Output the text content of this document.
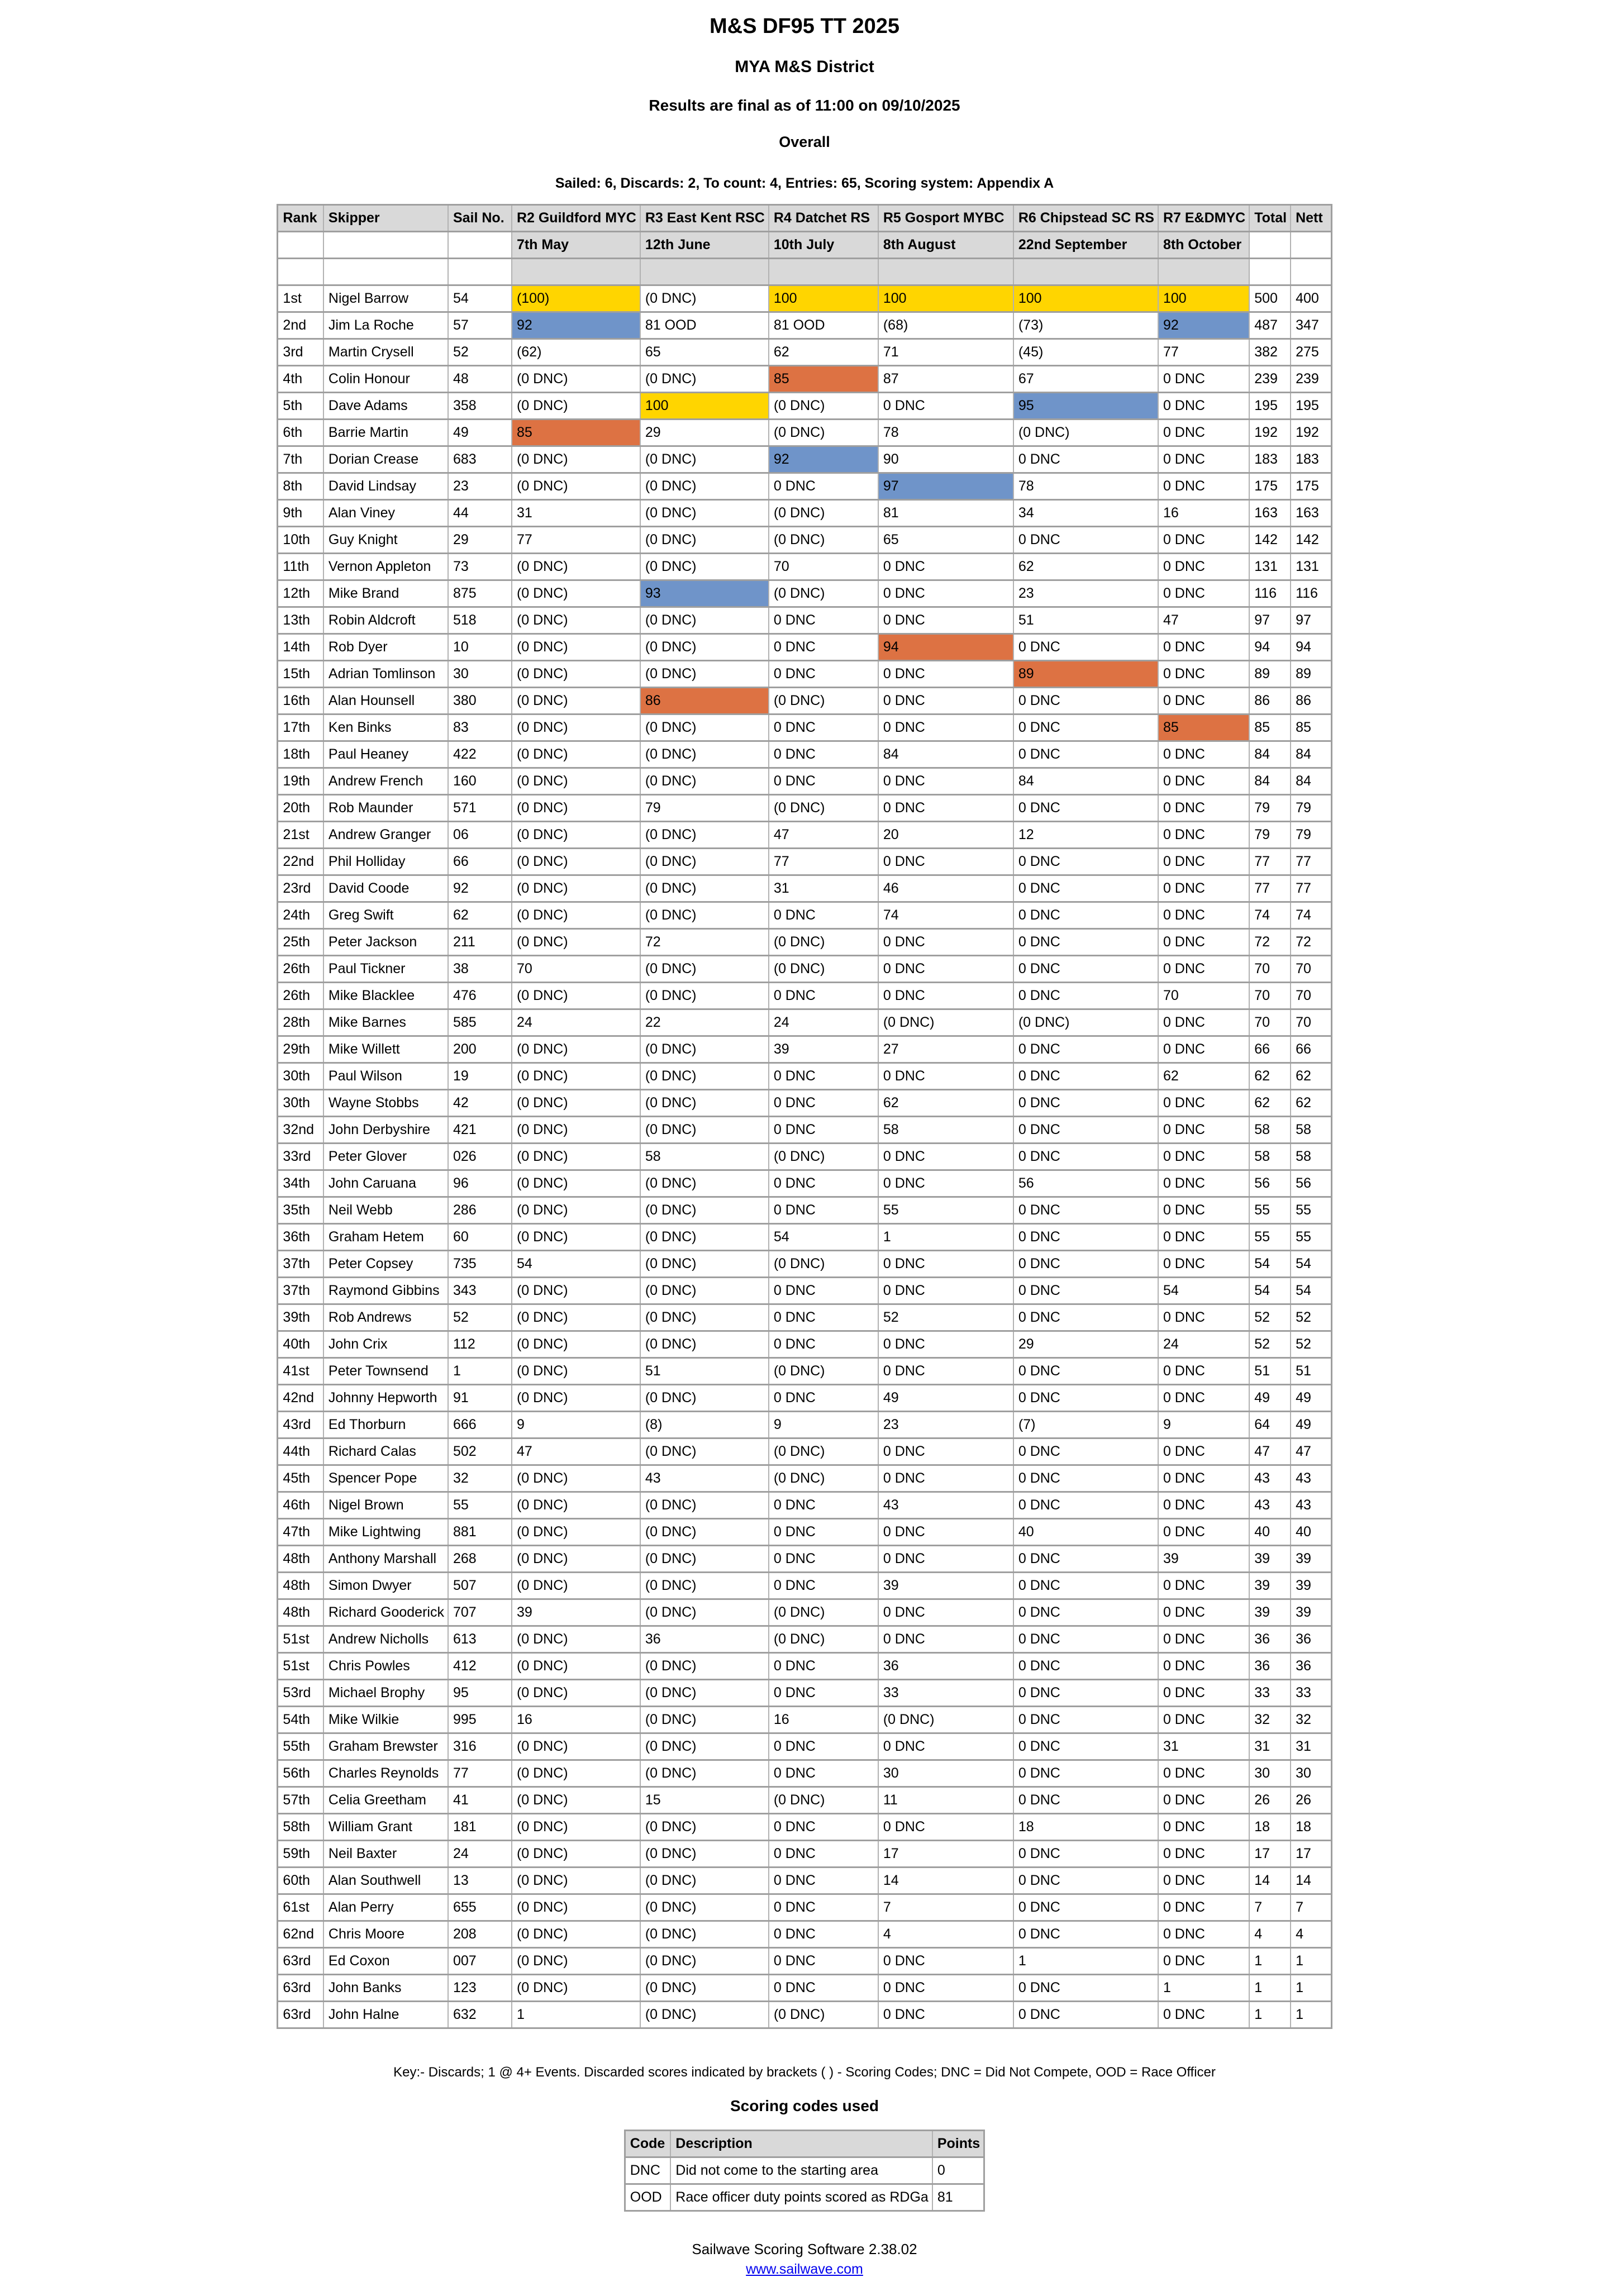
M&S DF95 TT 2025
MYA M&S District
Results are final as of 11:00 on 09/10/2025
Overall
Sailed: 6, Discards: 2, To count: 4, Entries: 65, Scoring system: Appendix A
Rank	Skipper	Sail No.	R2 Guildford MYC	R3 East Kent RSC	R4 Datchet RS	R5 Gosport MYBC	R6 Chipstead SC RS	R7 E&DMYC	Total	Nett
			7th May	12th June	10th July	8th August	22nd September	8th October		

1st	Nigel Barrow	54	(100)	(0 DNC)	100	100	100	100	500	400
2nd	Jim La Roche	57	92	81 OOD	81 OOD	(68)	(73)	92	487	347
3rd	Martin Crysell	52	(62)	65	62	71	(45)	77	382	275
4th	Colin Honour	48	(0 DNC)	(0 DNC)	85	87	67	0 DNC	239	239
5th	Dave Adams	358	(0 DNC)	100	(0 DNC)	0 DNC	95	0 DNC	195	195
6th	Barrie Martin	49	85	29	(0 DNC)	78	(0 DNC)	0 DNC	192	192
7th	Dorian Crease	683	(0 DNC)	(0 DNC)	92	90	0 DNC	0 DNC	183	183
8th	David Lindsay	23	(0 DNC)	(0 DNC)	0 DNC	97	78	0 DNC	175	175
9th	Alan Viney	44	31	(0 DNC)	(0 DNC)	81	34	16	163	163
10th	Guy Knight	29	77	(0 DNC)	(0 DNC)	65	0 DNC	0 DNC	142	142
11th	Vernon Appleton	73	(0 DNC)	(0 DNC)	70	0 DNC	62	0 DNC	131	131
12th	Mike Brand	875	(0 DNC)	93	(0 DNC)	0 DNC	23	0 DNC	116	116
13th	Robin Aldcroft	518	(0 DNC)	(0 DNC)	0 DNC	0 DNC	51	47	97	97
14th	Rob Dyer	10	(0 DNC)	(0 DNC)	0 DNC	94	0 DNC	0 DNC	94	94
15th	Adrian Tomlinson	30	(0 DNC)	(0 DNC)	0 DNC	0 DNC	89	0 DNC	89	89
16th	Alan Hounsell	380	(0 DNC)	86	(0 DNC)	0 DNC	0 DNC	0 DNC	86	86
17th	Ken Binks	83	(0 DNC)	(0 DNC)	0 DNC	0 DNC	0 DNC	85	85	85
18th	Paul Heaney	422	(0 DNC)	(0 DNC)	0 DNC	84	0 DNC	0 DNC	84	84
19th	Andrew French	160	(0 DNC)	(0 DNC)	0 DNC	0 DNC	84	0 DNC	84	84
20th	Rob Maunder	571	(0 DNC)	79	(0 DNC)	0 DNC	0 DNC	0 DNC	79	79
21st	Andrew Granger	06	(0 DNC)	(0 DNC)	47	20	12	0 DNC	79	79
22nd	Phil Holliday	66	(0 DNC)	(0 DNC)	77	0 DNC	0 DNC	0 DNC	77	77
23rd	David Coode	92	(0 DNC)	(0 DNC)	31	46	0 DNC	0 DNC	77	77
24th	Greg Swift	62	(0 DNC)	(0 DNC)	0 DNC	74	0 DNC	0 DNC	74	74
25th	Peter Jackson	211	(0 DNC)	72	(0 DNC)	0 DNC	0 DNC	0 DNC	72	72
26th	Paul Tickner	38	70	(0 DNC)	(0 DNC)	0 DNC	0 DNC	0 DNC	70	70
26th	Mike Blacklee	476	(0 DNC)	(0 DNC)	0 DNC	0 DNC	0 DNC	70	70	70
28th	Mike Barnes	585	24	22	24	(0 DNC)	(0 DNC)	0 DNC	70	70
29th	Mike Willett	200	(0 DNC)	(0 DNC)	39	27	0 DNC	0 DNC	66	66
30th	Paul Wilson	19	(0 DNC)	(0 DNC)	0 DNC	0 DNC	0 DNC	62	62	62
30th	Wayne Stobbs	42	(0 DNC)	(0 DNC)	0 DNC	62	0 DNC	0 DNC	62	62
32nd	John Derbyshire	421	(0 DNC)	(0 DNC)	0 DNC	58	0 DNC	0 DNC	58	58
33rd	Peter Glover	026	(0 DNC)	58	(0 DNC)	0 DNC	0 DNC	0 DNC	58	58
34th	John Caruana	96	(0 DNC)	(0 DNC)	0 DNC	0 DNC	56	0 DNC	56	56
35th	Neil Webb	286	(0 DNC)	(0 DNC)	0 DNC	55	0 DNC	0 DNC	55	55
36th	Graham Hetem	60	(0 DNC)	(0 DNC)	54	1	0 DNC	0 DNC	55	55
37th	Peter Copsey	735	54	(0 DNC)	(0 DNC)	0 DNC	0 DNC	0 DNC	54	54
37th	Raymond Gibbins	343	(0 DNC)	(0 DNC)	0 DNC	0 DNC	0 DNC	54	54	54
39th	Rob Andrews	52	(0 DNC)	(0 DNC)	0 DNC	52	0 DNC	0 DNC	52	52
40th	John Crix	112	(0 DNC)	(0 DNC)	0 DNC	0 DNC	29	24	52	52
41st	Peter Townsend	1	(0 DNC)	51	(0 DNC)	0 DNC	0 DNC	0 DNC	51	51
42nd	Johnny Hepworth	91	(0 DNC)	(0 DNC)	0 DNC	49	0 DNC	0 DNC	49	49
43rd	Ed Thorburn	666	9	(8)	9	23	(7)	9	64	49
44th	Richard Calas	502	47	(0 DNC)	(0 DNC)	0 DNC	0 DNC	0 DNC	47	47
45th	Spencer Pope	32	(0 DNC)	43	(0 DNC)	0 DNC	0 DNC	0 DNC	43	43
46th	Nigel Brown	55	(0 DNC)	(0 DNC)	0 DNC	43	0 DNC	0 DNC	43	43
47th	Mike Lightwing	881	(0 DNC)	(0 DNC)	0 DNC	0 DNC	40	0 DNC	40	40
48th	Anthony Marshall	268	(0 DNC)	(0 DNC)	0 DNC	0 DNC	0 DNC	39	39	39
48th	Simon Dwyer	507	(0 DNC)	(0 DNC)	0 DNC	39	0 DNC	0 DNC	39	39
48th	Richard Gooderick	707	39	(0 DNC)	(0 DNC)	0 DNC	0 DNC	0 DNC	39	39
51st	Andrew Nicholls	613	(0 DNC)	36	(0 DNC)	0 DNC	0 DNC	0 DNC	36	36
51st	Chris Powles	412	(0 DNC)	(0 DNC)	0 DNC	36	0 DNC	0 DNC	36	36
53rd	Michael Brophy	95	(0 DNC)	(0 DNC)	0 DNC	33	0 DNC	0 DNC	33	33
54th	Mike Wilkie	995	16	(0 DNC)	16	(0 DNC)	0 DNC	0 DNC	32	32
55th	Graham Brewster	316	(0 DNC)	(0 DNC)	0 DNC	0 DNC	0 DNC	31	31	31
56th	Charles Reynolds	77	(0 DNC)	(0 DNC)	0 DNC	30	0 DNC	0 DNC	30	30
57th	Celia Greetham	41	(0 DNC)	15	(0 DNC)	11	0 DNC	0 DNC	26	26
58th	William Grant	181	(0 DNC)	(0 DNC)	0 DNC	0 DNC	18	0 DNC	18	18
59th	Neil Baxter	24	(0 DNC)	(0 DNC)	0 DNC	17	0 DNC	0 DNC	17	17
60th	Alan Southwell	13	(0 DNC)	(0 DNC)	0 DNC	14	0 DNC	0 DNC	14	14
61st	Alan Perry	655	(0 DNC)	(0 DNC)	0 DNC	7	0 DNC	0 DNC	7	7
62nd	Chris Moore	208	(0 DNC)	(0 DNC)	0 DNC	4	0 DNC	0 DNC	4	4
63rd	Ed Coxon	007	(0 DNC)	(0 DNC)	0 DNC	0 DNC	1	0 DNC	1	1
63rd	John Banks	123	(0 DNC)	(0 DNC)	0 DNC	0 DNC	0 DNC	1	1	1
63rd	John Halne	632	1	(0 DNC)	(0 DNC)	0 DNC	0 DNC	0 DNC	1	1
Key:- Discards; 1 @ 4+ Events. Discarded scores indicated by brackets ( ) - Scoring Codes; DNC = Did Not Compete, OOD = Race Officer
Scoring codes used
Code	Description	Points
DNC	Did not come to the starting area	0
OOD	Race officer duty points scored as RDGa	81
Sailwave Scoring Software 2.38.02
www.sailwave.com
